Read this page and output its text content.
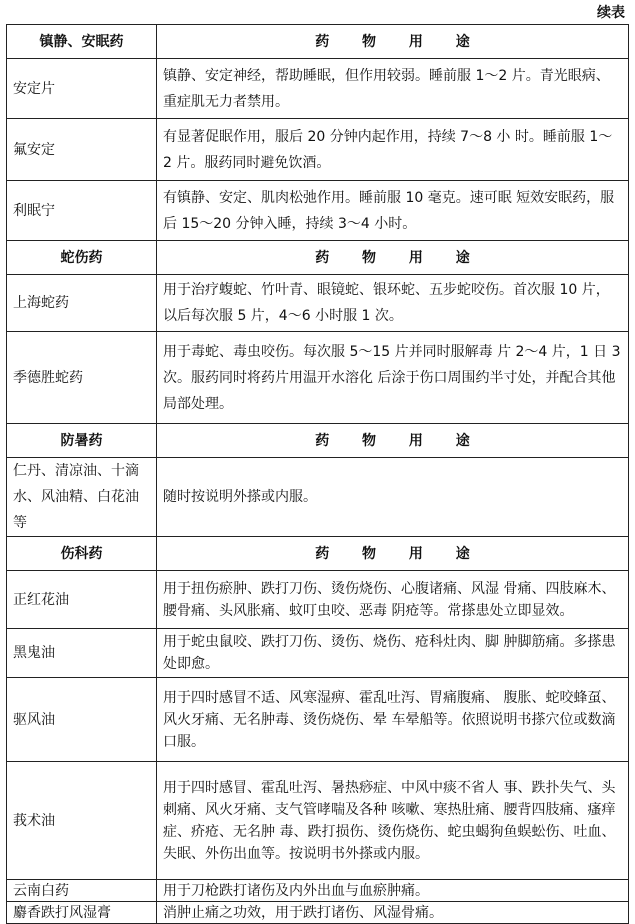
续表
镇静、安眠药	药 物 用 途
安定片	镇静、安定神经，帮助睡眠，但作用较弱。睡前服 1～2 片。青光眼病、重症肌无力者禁用。
氟安定	有显著促眠作用，服后 20 分钟内起作用，持续 7～8 小 时。睡前服 1～ 2 片。服药同时避免饮酒。
利眠宁	有镇静、安定、肌肉松弛作用。睡前服 10 毫克。速可眠 短效安眠药，服后 15～20 分钟入睡，持续 3～4 小时。
蛇伤药	药 物 用 途
上海蛇药	用于治疗蝮蛇、竹叶青、眼镜蛇、银环蛇、五步蛇咬伤。首次服 10 片，以后每次服 5 片，4～6 小时服 1 次。
季德胜蛇药	用于毒蛇、毒虫咬伤。每次服 5～15 片并同时服解毒 片 2～4 片，1 日 3 次。服药同时将药片用温开水溶化 后涂于伤口周围约半寸处，并配合其他局部处理。
防暑药	药 物 用 途
仁丹、清凉油、十滴水、风油精、白花油等	随时按说明外搽或内服。
伤科药	药 物 用 途
正红花油	用于扭伤瘀肿、跌打刀伤、烫伤烧伤、心腹诸痛、风湿 骨痛、四肢麻木、腰骨痛、头风胀痛、蚊叮虫咬、恶毒 阴疮等。常搽患处立即显效。
黑鬼油	用于蛇虫鼠咬、跌打刀伤、烫伤、烧伤、疮科灶肉、脚 肿脚筋痛。多搽患处即愈。
驱风油	用于四时感冒不适、风寒湿痹、霍乱吐泻、胃痛腹痛、 腹胀、蛇咬蜂虿、风火牙痛、无名肿毒、烫伤烧伤、晕 车晕船等。依照说明书搽穴位或数滴口服。
莪术油	用于四时感冒、霍乱吐泻、暑热痧症、中风中痰不省人 事、跌扑失气、头刺痛、风火牙痛、支气管哮喘及各种 咳嗽、寒热肚痛、腰背四肢痛、瘙痒症、疥疮、无名肿 毒、跌打损伤、烫伤烧伤、蛇虫蝎狗鱼蜈蚣伤、吐血、失眠、外伤出血等。按说明书外搽或内服。
云南白药	用于刀枪跌打诸伤及内外出血与血瘀肿痛。
麝香跌打风湿膏	消肿止痛之功效，用于跌打诸伤、风湿骨痛。
